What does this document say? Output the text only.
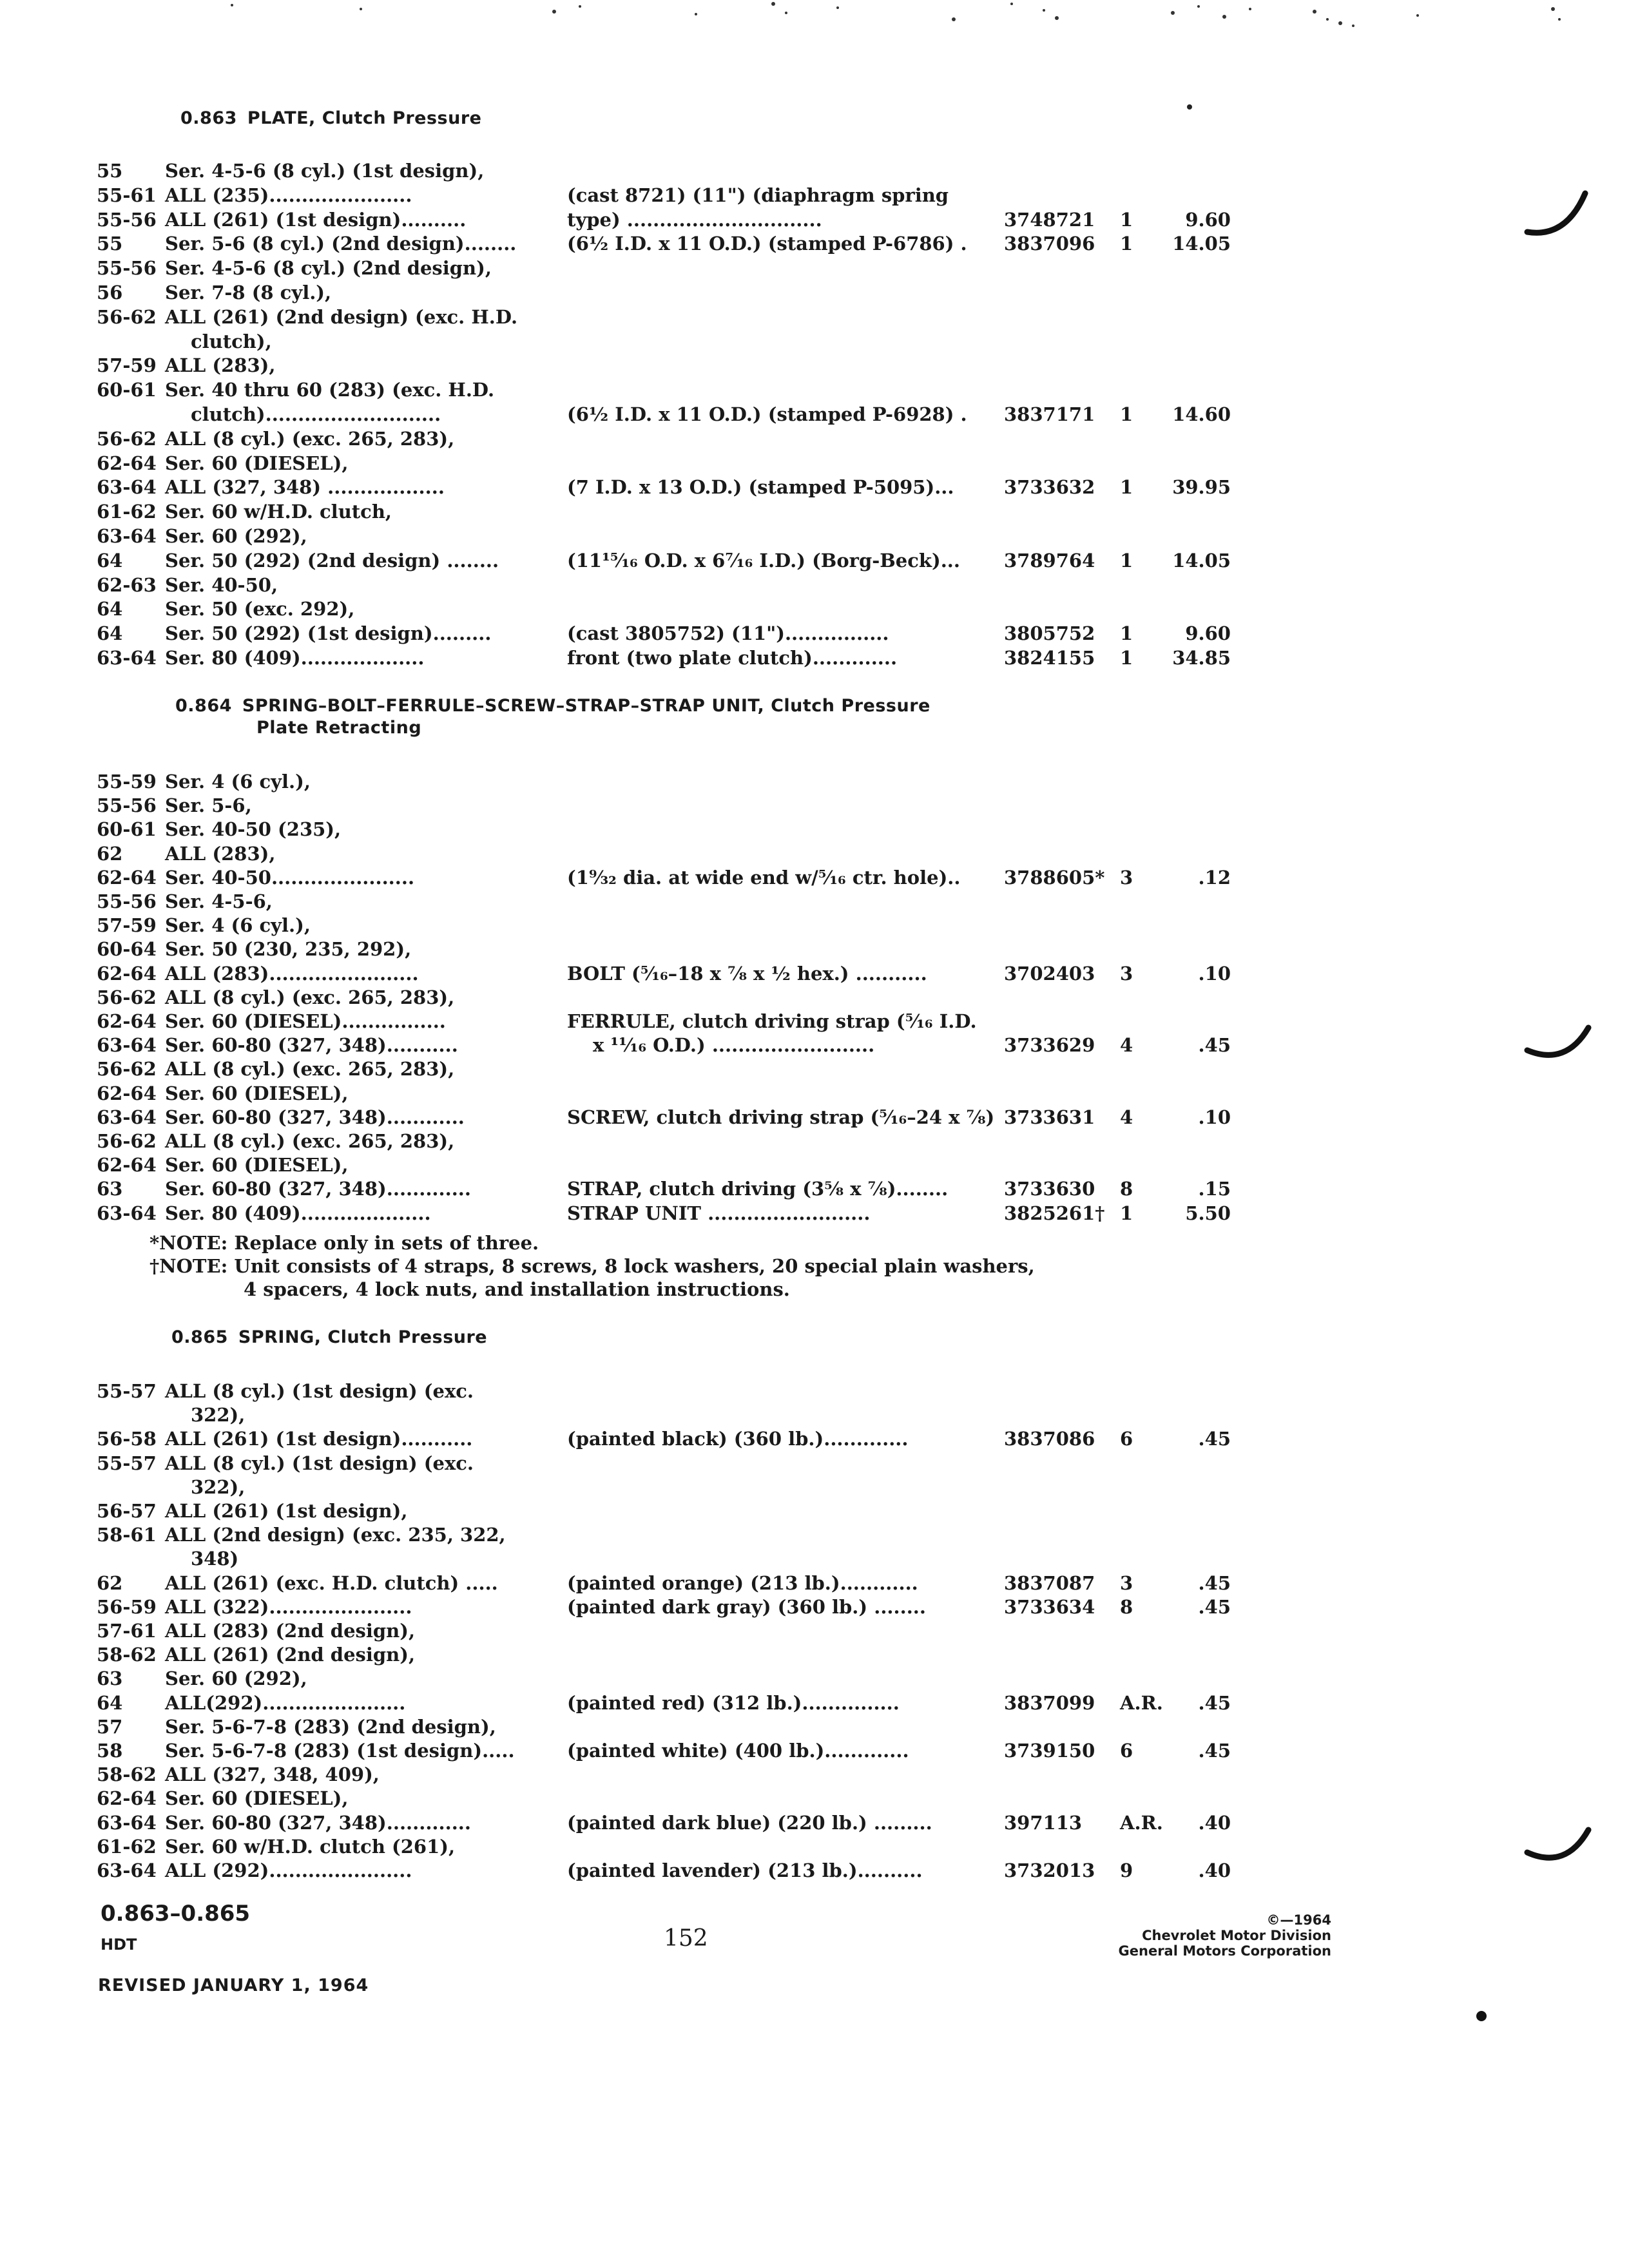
0.863 PLATE, Clutch Pressure
0.864 SPRING–BOLT–FERRULE–SCREW–STRAP–STRAP UNIT, Clutch Pressure
Plate Retracting
0.865 SPRING, Clutch Pressure
55 Ser. 4-5-6 (8 cyl.) (1st design),
55-61 ALL (235)......................	(cast 8721) (11") (diaphragm spring
55-56 ALL (261) (1st design)..........	type) ..............................	3748721 1	9.60
55 Ser. 5-6 (8 cyl.) (2nd design)........	(6½ I.D. x 11 O.D.) (stamped P-6786) . 3837096 1 14.05
55-56 Ser. 4-5-6 (8 cyl.) (2nd design),
56 Ser. 7-8 (8 cyl.),
56-62 ALL (261) (2nd design) (exc. H.D.
clutch),
57-59 ALL (283),
60-61 Ser. 40 thru 60 (283) (exc. H.D.
clutch)...........................	(6½ I.D. x 11 O.D.) (stamped P-6928) . 3837171 1 14.60
56-62 ALL (8 cyl.) (exc. 265, 283),
62-64 Ser. 60 (DIESEL),
63-64 ALL (327, 348) ..................	(7 I.D. x 13 O.D.) (stamped P-5095)...	3733632 1 39.95
61-62 Ser. 60 w/H.D. clutch,
63-64 Ser. 60 (292),
64 Ser. 50 (292) (2nd design) ........	(11¹⁵⁄₁₆ O.D. x 6⁷⁄₁₆ I.D.) (Borg-Beck)... 3789764 1 14.05
62-63 Ser. 40-50,
64 Ser. 50 (exc. 292),
64 Ser. 50 (292) (1st design).........	(cast 3805752) (11")................	3805752 1	9.60
63-64 Ser. 80 (409)...................	front (two plate clutch).............	3824155 1 34.85
55-59 Ser. 4 (6 cyl.),
55-56 Ser. 5-6,
60-61 Ser. 40-50 (235),
62 ALL (283),
62-64 Ser. 40-50......................	(1⁹⁄₃₂ dia. at wide end w/⁵⁄₁₆ ctr. hole).. 3788605* 3	.12
55-56 Ser. 4-5-6,
57-59 Ser. 4 (6 cyl.),
60-64 Ser. 50 (230, 235, 292),
62-64 ALL (283).......................	BOLT (⁵⁄₁₆–18 x ⅞ x ½ hex.) ...........	3702403 3	.10
56-62 ALL (8 cyl.) (exc. 265, 283),
62-64 Ser. 60 (DIESEL)................	FERRULE, clutch driving strap (⁵⁄₁₆ I.D.
63-64 Ser. 60-80 (327, 348)...........	x ¹¹⁄₁₆ O.D.) .........................	3733629 4	.45
56-62 ALL (8 cyl.) (exc. 265, 283),
62-64 Ser. 60 (DIESEL),
63-64 Ser. 60-80 (327, 348)............	SCREW, clutch driving strap (⁵⁄₁₆–24 x ⅞) 3733631 4	.10
56-62 ALL (8 cyl.) (exc. 265, 283),
62-64 Ser. 60 (DIESEL),
63 Ser. 60-80 (327, 348).............	STRAP, clutch driving (3⅝ x ⅞)........	3733630 8	.15
63-64 Ser. 80 (409)....................	STRAP UNIT .........................	3825261† 1	5.50
55-57 ALL (8 cyl.) (1st design) (exc.
322),
56-58 ALL (261) (1st design)...........	(painted black) (360 lb.).............	3837086 6	.45
55-57 ALL (8 cyl.) (1st design) (exc.
322),
56-57 ALL (261) (1st design),
58-61 ALL (2nd design) (exc. 235, 322,
348)
62 ALL (261) (exc. H.D. clutch) .....	(painted orange) (213 lb.)............	3837087 3	.45
56-59 ALL (322)......................	(painted dark gray) (360 lb.) ........	3733634 8	.45
57-61 ALL (283) (2nd design),
58-62 ALL (261) (2nd design),
63 Ser. 60 (292),
64 ALL(292)......................	(painted red) (312 lb.)...............	3837099 A.R. .45
57 Ser. 5-6-7-8 (283) (2nd design),
58 Ser. 5-6-7-8 (283) (1st design).....	(painted white) (400 lb.).............	3739150 6	.45
58-62 ALL (327, 348, 409),
62-64 Ser. 60 (DIESEL),
63-64 Ser. 60-80 (327, 348).............	(painted dark blue) (220 lb.) .........	397113 A.R. .40
61-62 Ser. 60 w/H.D. clutch (261),
63-64 ALL (292)......................	(painted lavender) (213 lb.)..........	3732013 9	.40
*NOTE: Replace only in sets of three.
†NOTE: Unit consists of 4 straps, 8 screws, 8 lock washers, 20 special plain washers,
4 spacers, 4 lock nuts, and installation instructions.
0.863–0.865
HDT	152
REVISED JANUARY 1, 1964
©—1964
Chevrolet Motor Division
General Motors Corporation
